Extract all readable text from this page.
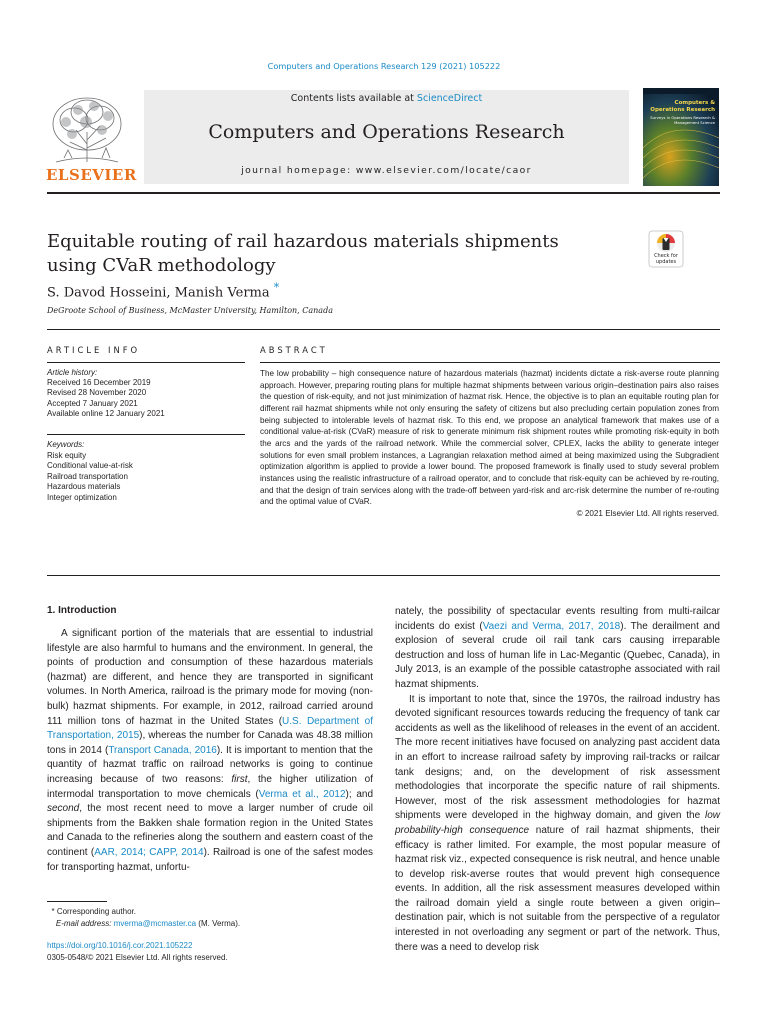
Computers and Operations Research 129 (2021) 105222
ELSEVIER
Contents lists available at ScienceDirect
Computers and Operations Research
journal homepage: www.elsevier.com/locate/caor
Computers & Operations Research
Surveys in Operations Research & Management Science
Equitable routing of rail hazardous materials shipments using CVaR methodology	Check for updates
S. Davod Hosseini, Manish Verma *
DeGroote School of Business, McMaster University, Hamilton, Canada
ARTICLE INFO	ABSTRACT
Article history:
Received 16 December 2019
Revised 28 November 2020
Accepted 7 January 2021
Available online 12 January 2021
Keywords:
Risk equity
Conditional value-at-risk
Railroad transportation
Hazardous materials
Integer optimization
The low probability – high consequence nature of hazardous materials (hazmat) incidents dictate a risk-averse route planning approach. However, preparing routing plans for multiple hazmat shipments between various origin–destination pairs also raises the question of risk-equity, and not just minimization of hazmat risk. Hence, the objective is to plan an equitable routing plan for different rail hazmat shipments while not only ensuring the safety of citizens but also precluding certain population zones from being subjected to intolerable levels of hazmat risk. To this end, we propose an analytical framework that makes use of a conditional value-at-risk (CVaR) measure of risk to generate minimum risk shipment routes while promoting risk-equity in both the arcs and the yards of the railroad network. While the commercial solver, CPLEX, lacks the ability to generate integer solutions for even small problem instances, a Lagrangian relaxation method aimed at being maximized using the Subgradient optimization algorithm is applied to provide a lower bound. The proposed framework is finally used to study several problem instances using the realistic infrastructure of a railroad operator, and to conclude that risk-equity can be achieved by re-routing, and that the design of train services along with the trade-off between yard-risk and arc-risk determine the number of re-routing and the optimal value of CVaR.
© 2021 Elsevier Ltd. All rights reserved.
1. Introduction

A significant portion of the materials that are essential to industrial lifestyle are also harmful to humans and the environment. In general, the points of production and consumption of these hazardous materials (hazmat) are different, and hence they are transported in significant volumes. In North America, railroad is the primary mode for moving (non-bulk) hazmat shipments. For example, in 2012, railroad carried around 111 million tons of hazmat in the United States (U.S. Department of Transportation, 2015), whereas the number for Canada was 48.38 million tons in 2014 (Transport Canada, 2016). It is important to mention that the quantity of hazmat traffic on railroad networks is going to continue increasing because of two reasons: first, the higher utilization of intermodal transportation to move chemicals (Verma et al., 2012); and second, the most recent need to move a larger number of crude oil shipments from the Bakken shale formation region in the United States and Canada to the refineries along the southern and eastern coast of the continent (AAR, 2014; CAPP, 2014). Railroad is one of the safest modes for transporting hazmat, unfortu-

nately, the possibility of spectacular events resulting from multi-railcar incidents do exist (Vaezi and Verma, 2017, 2018). The derailment and explosion of several crude oil rail tank cars causing irreparable destruction and loss of human life in Lac-Megantic (Quebec, Canada), in July 2013, is an example of the possible catastrophe associated with rail hazmat shipments.

It is important to note that, since the 1970s, the railroad industry has devoted significant resources towards reducing the frequency of tank car accidents as well as the likelihood of releases in the event of an accident. The more recent initiatives have focused on analyzing past accident data in an effort to increase railroad safety by improving rail-tracks or railcar tank designs; and, on the development of risk assessment methodologies that incorporate the specific nature of rail shipments. However, most of the risk assessment methodologies for hazmat shipments were developed in the highway domain, and given the low probability-high consequence nature of rail hazmat shipments, their efficacy is rather limited. For example, the most popular measure of hazmat risk viz., expected consequence is risk neutral, and hence unable to develop risk-averse routes that would prevent high consequence events. In addition, all the risk assessment measures developed within the railroad domain yield a single route between a given origin–destination pair, which is not suitable from the perspective of a regulator interested in not overloading any segment or part of the network. Thus, there was a need to develop risk

* Corresponding author.
E-mail address: mverma@mcmaster.ca (M. Verma).
https://doi.org/10.1016/j.cor.2021.105222
0305-0548/© 2021 Elsevier Ltd. All rights reserved.
